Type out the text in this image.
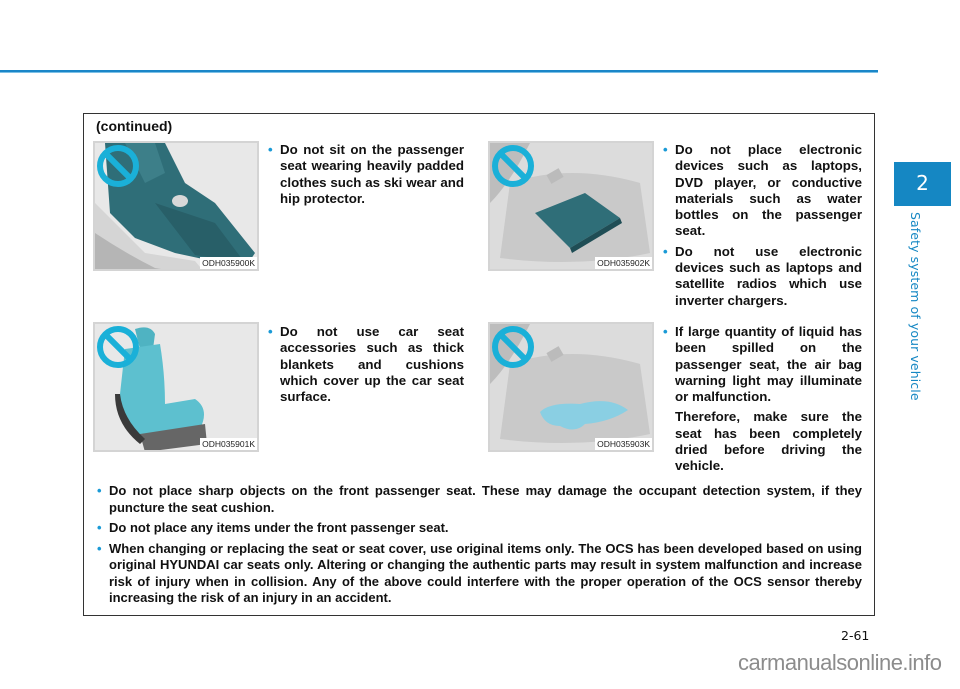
(continued)
ODH035900K
• Do not sit on the passenger seat wearing heavily padded clothes such as ski wear and hip protector.
ODH035902K
• Do not place electronic devices such as laptops, DVD player, or conductive materials such as water bottles on the passenger seat.
• Do not use electronic devices such as laptops and satellite radios which use inverter chargers.
ODH035901K
• Do not use car seat accessories such as thick blankets and cushions which cover up the car seat surface.
ODH035903K
• If large quantity of liquid has been spilled on the passenger seat, the air bag warning light may illuminate or malfunction.
Therefore, make sure the seat has been completely dried before driving the vehicle.
• Do not place sharp objects on the front passenger seat. These may damage the occupant detection system, if they puncture the seat cushion.
• Do not place any items under the front passenger seat.
• When changing or replacing the seat or seat cover, use original items only. The OCS has been developed based on using original HYUNDAI car seats only. Altering or changing the authentic parts may result in system malfunction and increase risk of injury when in collision. Any of the above could interfere with the proper operation of the OCS sensor thereby increasing the risk of an injury in an accident.
2
Safety system of your vehicle
2-61
carmanualsonline.info
